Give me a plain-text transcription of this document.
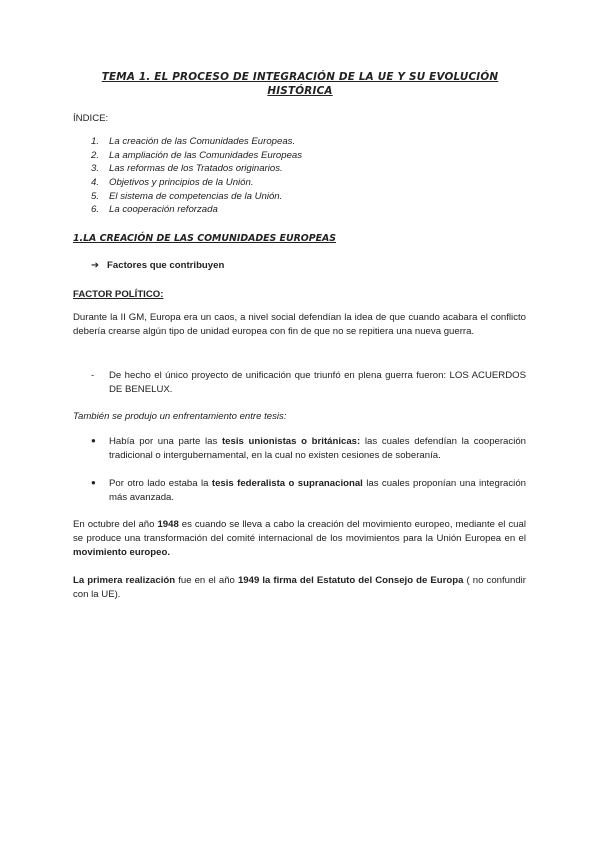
TEMA 1. EL PROCESO DE INTEGRACIÓN DE LA UE Y SU EVOLUCIÓN HISTÓRICA
ÍNDICE:
1. La creación de las Comunidades Europeas.
2. La ampliación de las Comunidades Europeas
3. Las reformas de los Tratados originarios.
4. Objetivos y principios de la Unión.
5. El sistema de competencias de la Unión.
6. La cooperación reforzada
1.LA CREACIÓN DE LAS COMUNIDADES EUROPEAS
➔ Factores que contribuyen
FACTOR POLÍTICO:

Durante la II GM, Europa era un caos, a nivel social defendían la idea de que cuando acabara el conflicto debería crearse algún tipo de unidad europea con fin de que no se repitiera una nueva guerra.

- De hecho el único proyecto de unificación que triunfó en plena guerra fueron: LOS ACUERDOS DE BENELUX.
También se produjo un enfrentamiento entre tesis:
● Había por una parte las tesis unionistas o británicas: las cuales defendían la cooperación tradicional o intergubernamental, en la cual no existen cesiones de soberanía.
● Por otro lado estaba la tesis federalista o supranacional las cuales proponían una integración más avanzada.

En octubre del año 1948 es cuando se lleva a cabo la creación del movimiento europeo, mediante el cual se produce una transformación del comité internacional de los movimientos para la Unión Europea en el movimiento europeo.

La primera realización fue en el año 1949 la firma del Estatuto del Consejo de Europa ( no confundir con la UE).
